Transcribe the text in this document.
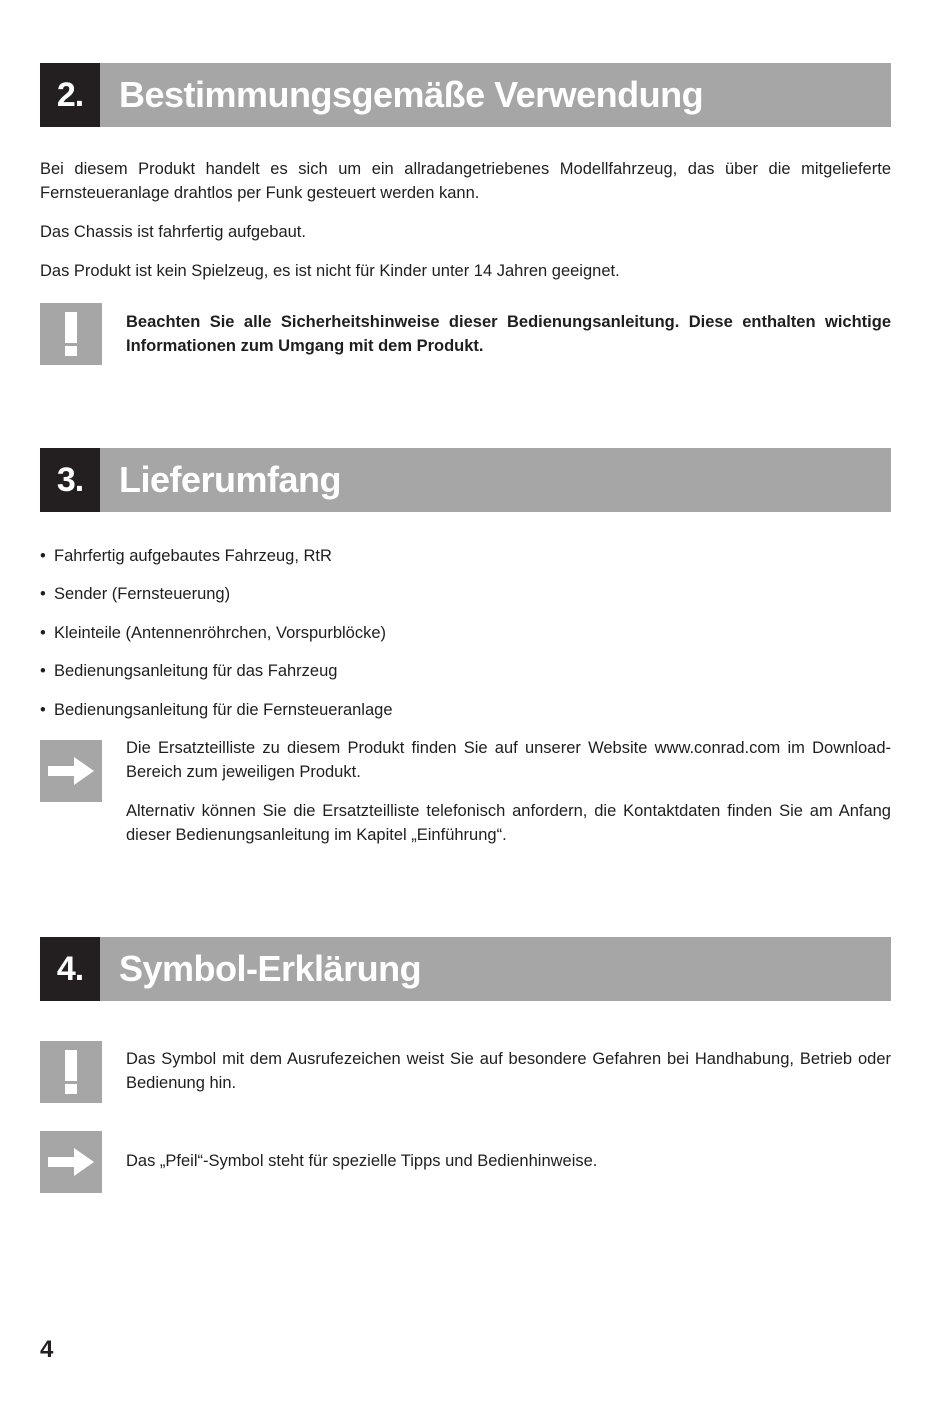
2. Bestimmungsgemäße Verwendung

Bei diesem Produkt handelt es sich um ein allradangetriebenes Modellfahrzeug, das über die mitgelieferte Fernsteueranlage drahtlos per Funk gesteuert werden kann.

Das Chassis ist fahrfertig aufgebaut.

Das Produkt ist kein Spielzeug, es ist nicht für Kinder unter 14 Jahren geeignet.

Beachten Sie alle Sicherheitshinweise dieser Bedienungsanleitung. Diese enthalten wichtige Informationen zum Umgang mit dem Produkt.

3. Lieferumfang
• Fahrfertig aufgebautes Fahrzeug, RtR
• Sender (Fernsteuerung)
• Kleinteile (Antennenröhrchen, Vorspurblöcke)
• Bedienungsanleitung für das Fahrzeug
• Bedienungsanleitung für die Fernsteueranlage

Die Ersatzteilliste zu diesem Produkt finden Sie auf unserer Website www.conrad.com im Download-Bereich zum jeweiligen Produkt.

Alternativ können Sie die Ersatzteilliste telefonisch anfordern, die Kontaktdaten finden Sie am Anfang dieser Bedienungsanleitung im Kapitel „Einführung“.

4. Symbol-Erklärung

Das Symbol mit dem Ausrufezeichen weist Sie auf besondere Gefahren bei Handhabung, Betrieb oder Bedienung hin.

Das „Pfeil“-Symbol steht für spezielle Tipps und Bedienhinweise.

4
